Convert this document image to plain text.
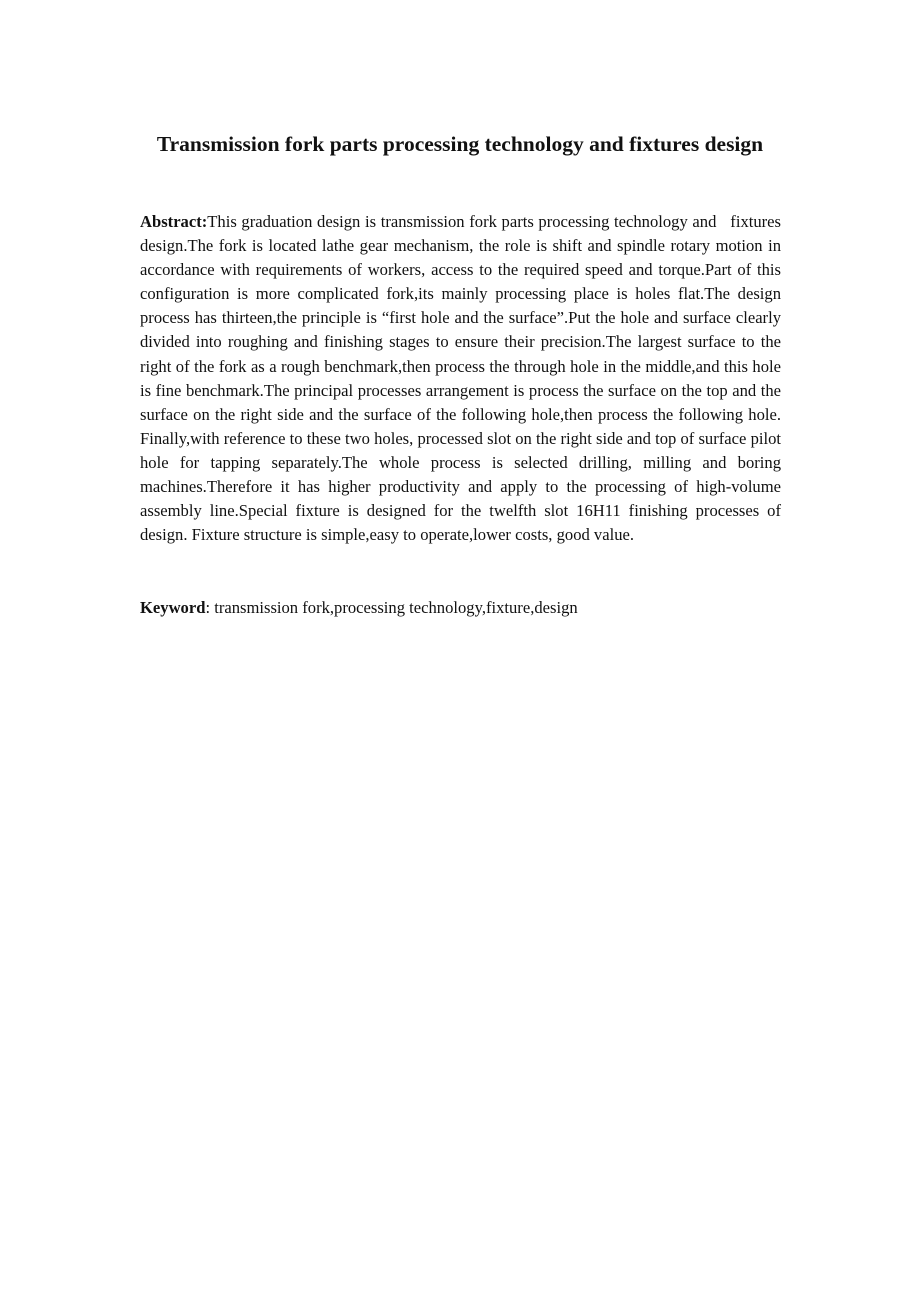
Transmission fork parts processing technology and fixtures design

Abstract:This graduation design is transmission fork parts processing technology and   fixtures design.The fork is located lathe gear mechanism, the role is shift and spindle rotary motion in accordance with requirements of workers, access to the required speed and torque.Part of this configuration is more complicated fork,its mainly processing place is holes flat.The design process has thirteen,the principle is “first hole and the surface”.Put the hole and surface clearly divided into roughing and finishing stages to ensure their precision.The largest surface to the right of the fork as a rough benchmark,then process the through hole in the middle,and this hole is fine benchmark.The principal processes arrangement is process the surface on the top and the surface on the right side and the surface of the following hole,then process the following hole. Finally,with reference to these two holes, processed slot on the right side and top of surface pilot hole for tapping separately.The whole process is selected drilling, milling and boring machines.Therefore it has higher productivity and apply to the processing of high-volume assembly line.Special fixture is designed for the twelfth slot 16H11 finishing processes of design. Fixture structure is simple,easy to operate,lower costs, good value.

Keyword: transmission fork,processing technology,fixture,design
